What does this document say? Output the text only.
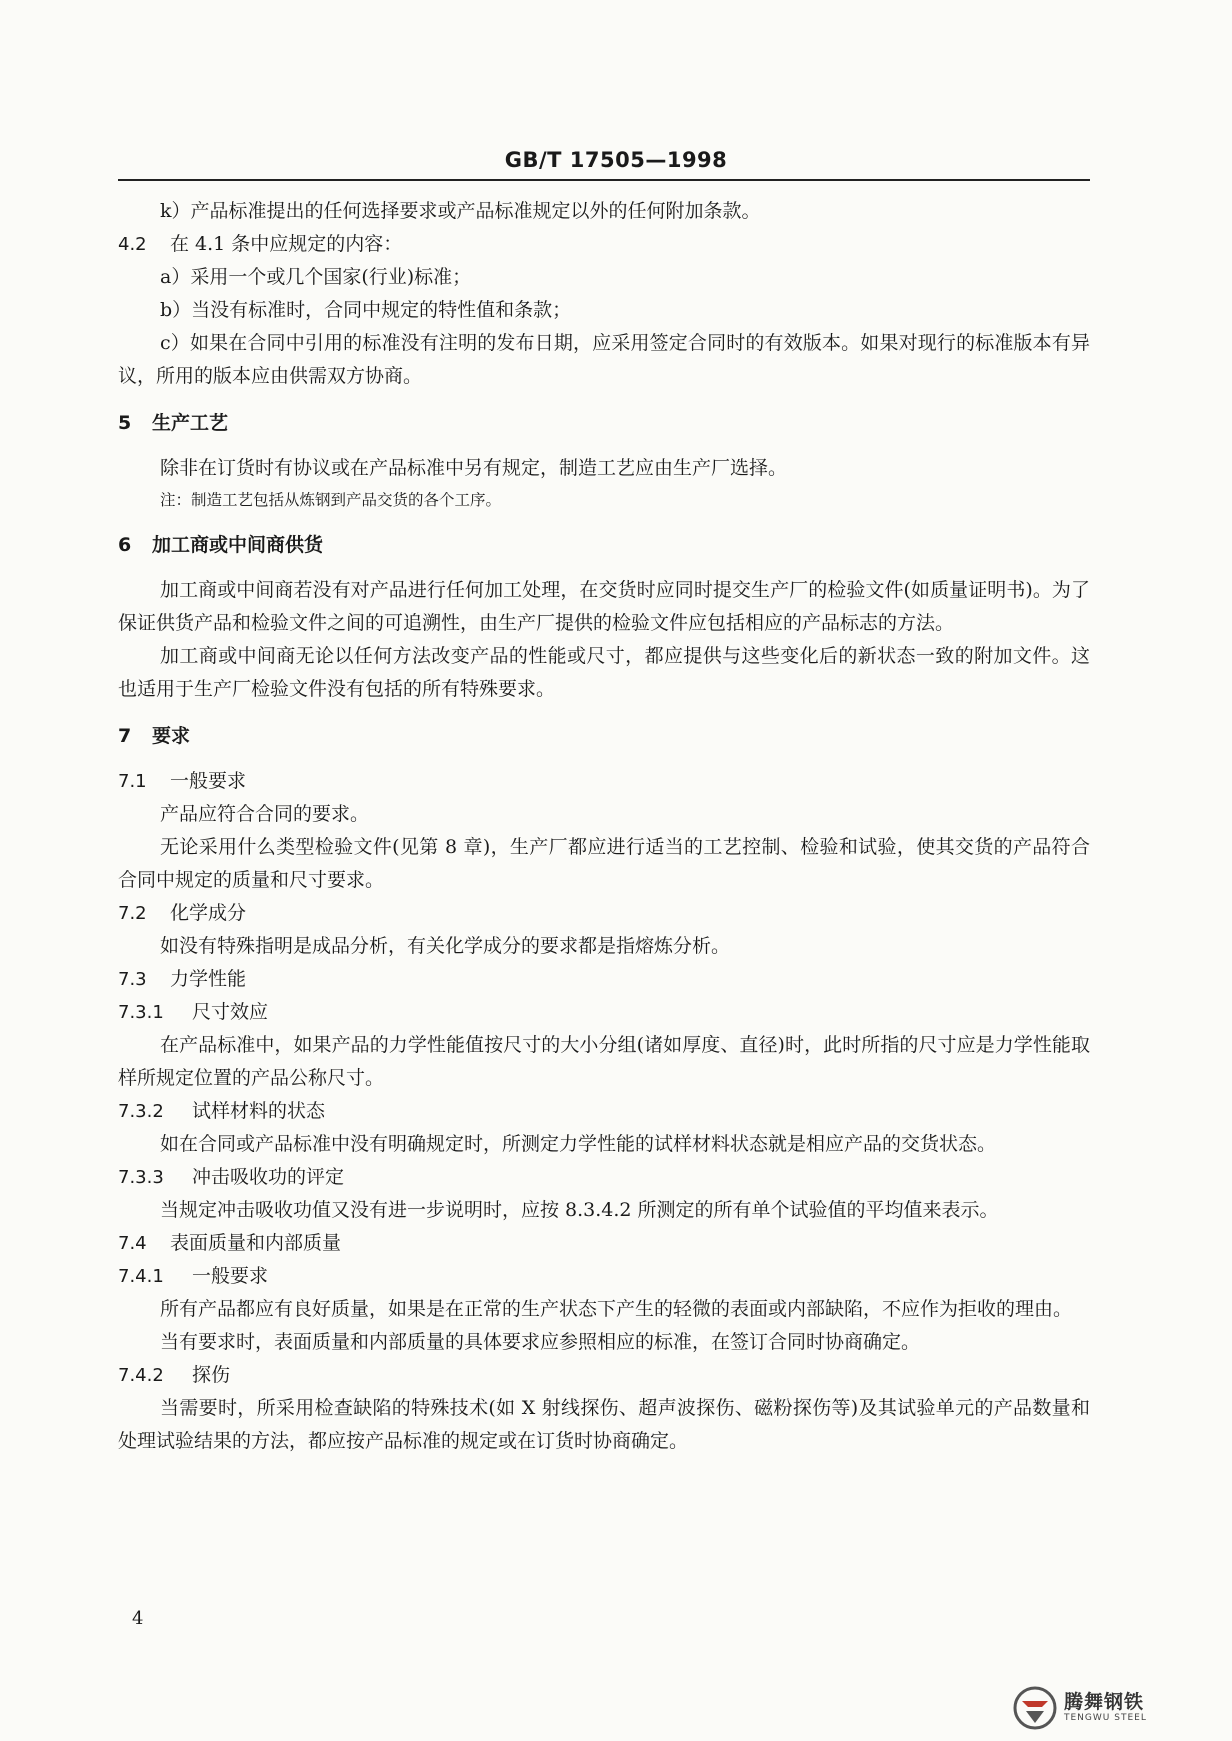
GB/T 17505—1998
k）产品标准提出的任何选择要求或产品标准规定以外的任何附加条款。
4.2 在 4.1 条中应规定的内容：
a）采用一个或几个国家(行业)标准；
b）当没有标准时，合同中规定的特性值和条款；
c）如果在合同中引用的标准没有注明的发布日期，应采用签定合同时的有效版本。如果对现行的标准版本有异议，所用的版本应由供需双方协商。
5 生产工艺
除非在订货时有协议或在产品标准中另有规定，制造工艺应由生产厂选择。
注：制造工艺包括从炼钢到产品交货的各个工序。
6 加工商或中间商供货
加工商或中间商若没有对产品进行任何加工处理，在交货时应同时提交生产厂的检验文件(如质量证明书)。为了保证供货产品和检验文件之间的可追溯性，由生产厂提供的检验文件应包括相应的产品标志的方法。
加工商或中间商无论以任何方法改变产品的性能或尺寸，都应提供与这些变化后的新状态一致的附加文件。这也适用于生产厂检验文件没有包括的所有特殊要求。
7 要求
7.1 一般要求
产品应符合合同的要求。
无论采用什么类型检验文件(见第 8 章)，生产厂都应进行适当的工艺控制、检验和试验，使其交货的产品符合合同中规定的质量和尺寸要求。
7.2 化学成分
如没有特殊指明是成品分析，有关化学成分的要求都是指熔炼分析。
7.3 力学性能
7.3.1 尺寸效应
在产品标准中，如果产品的力学性能值按尺寸的大小分组(诸如厚度、直径)时，此时所指的尺寸应是力学性能取样所规定位置的产品公称尺寸。
7.3.2 试样材料的状态
如在合同或产品标准中没有明确规定时，所测定力学性能的试样材料状态就是相应产品的交货状态。
7.3.3 冲击吸收功的评定
当规定冲击吸收功值又没有进一步说明时，应按 8.3.4.2 所测定的所有单个试验值的平均值来表示。
7.4 表面质量和内部质量
7.4.1 一般要求
所有产品都应有良好质量，如果是在正常的生产状态下产生的轻微的表面或内部缺陷，不应作为拒收的理由。
当有要求时，表面质量和内部质量的具体要求应参照相应的标准，在签订合同时协商确定。
7.4.2 探伤
当需要时，所采用检查缺陷的特殊技术(如 X 射线探伤、超声波探伤、磁粉探伤等)及其试验单元的产品数量和处理试验结果的方法，都应按产品标准的规定或在订货时协商确定。
4
腾舞钢铁
TENGWU STEEL
